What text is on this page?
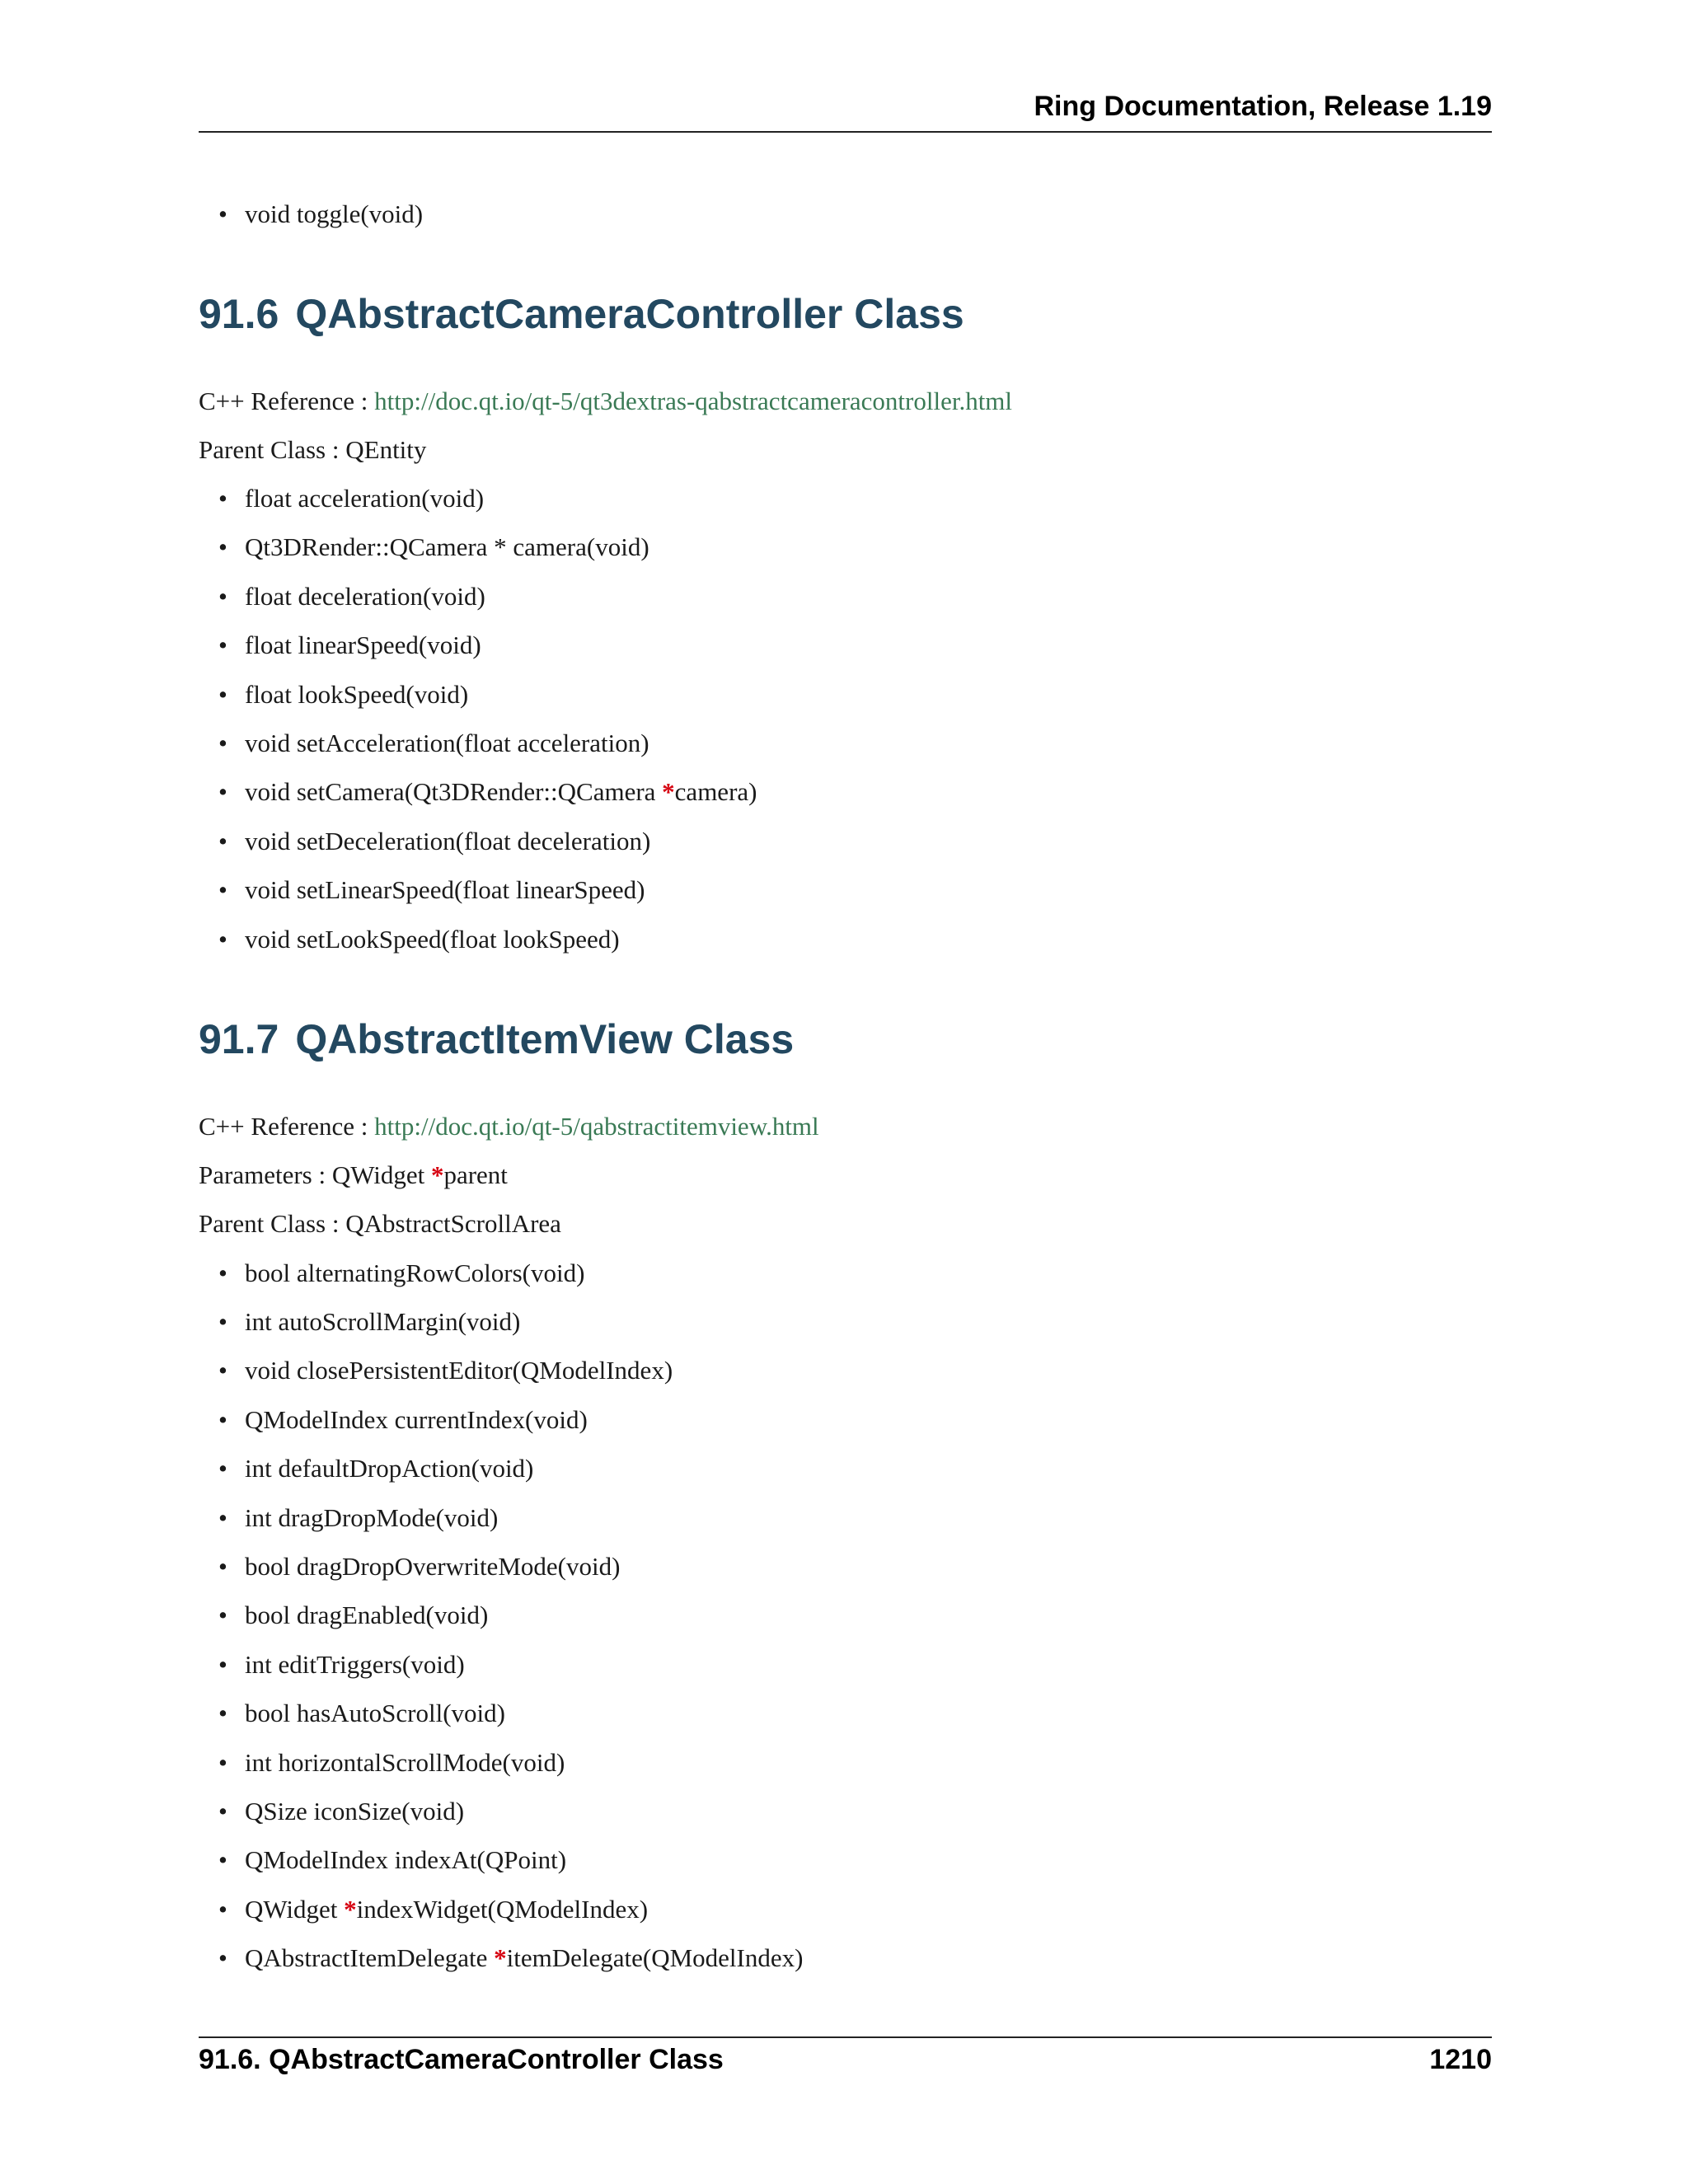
Ring Documentation, Release 1.19
• void toggle(void)
91.6 QAbstractCameraController Class
C++ Reference : http://doc.qt.io/qt-5/qt3dextras-qabstractcameracontroller.html
Parent Class : QEntity
• float acceleration(void)
• Qt3DRender::QCamera * camera(void)
• float deceleration(void)
• float linearSpeed(void)
• float lookSpeed(void)
• void setAcceleration(float acceleration)
• void setCamera(Qt3DRender::QCamera *camera)
• void setDeceleration(float deceleration)
• void setLinearSpeed(float linearSpeed)
• void setLookSpeed(float lookSpeed)
91.7 QAbstractItemView Class
C++ Reference : http://doc.qt.io/qt-5/qabstractitemview.html
Parameters : QWidget *parent
Parent Class : QAbstractScrollArea
• bool alternatingRowColors(void)
• int autoScrollMargin(void)
• void closePersistentEditor(QModelIndex)
• QModelIndex currentIndex(void)
• int defaultDropAction(void)
• int dragDropMode(void)
• bool dragDropOverwriteMode(void)
• bool dragEnabled(void)
• int editTriggers(void)
• bool hasAutoScroll(void)
• int horizontalScrollMode(void)
• QSize iconSize(void)
• QModelIndex indexAt(QPoint)
• QWidget *indexWidget(QModelIndex)
• QAbstractItemDelegate *itemDelegate(QModelIndex)
91.6. QAbstractCameraController Class	1210
